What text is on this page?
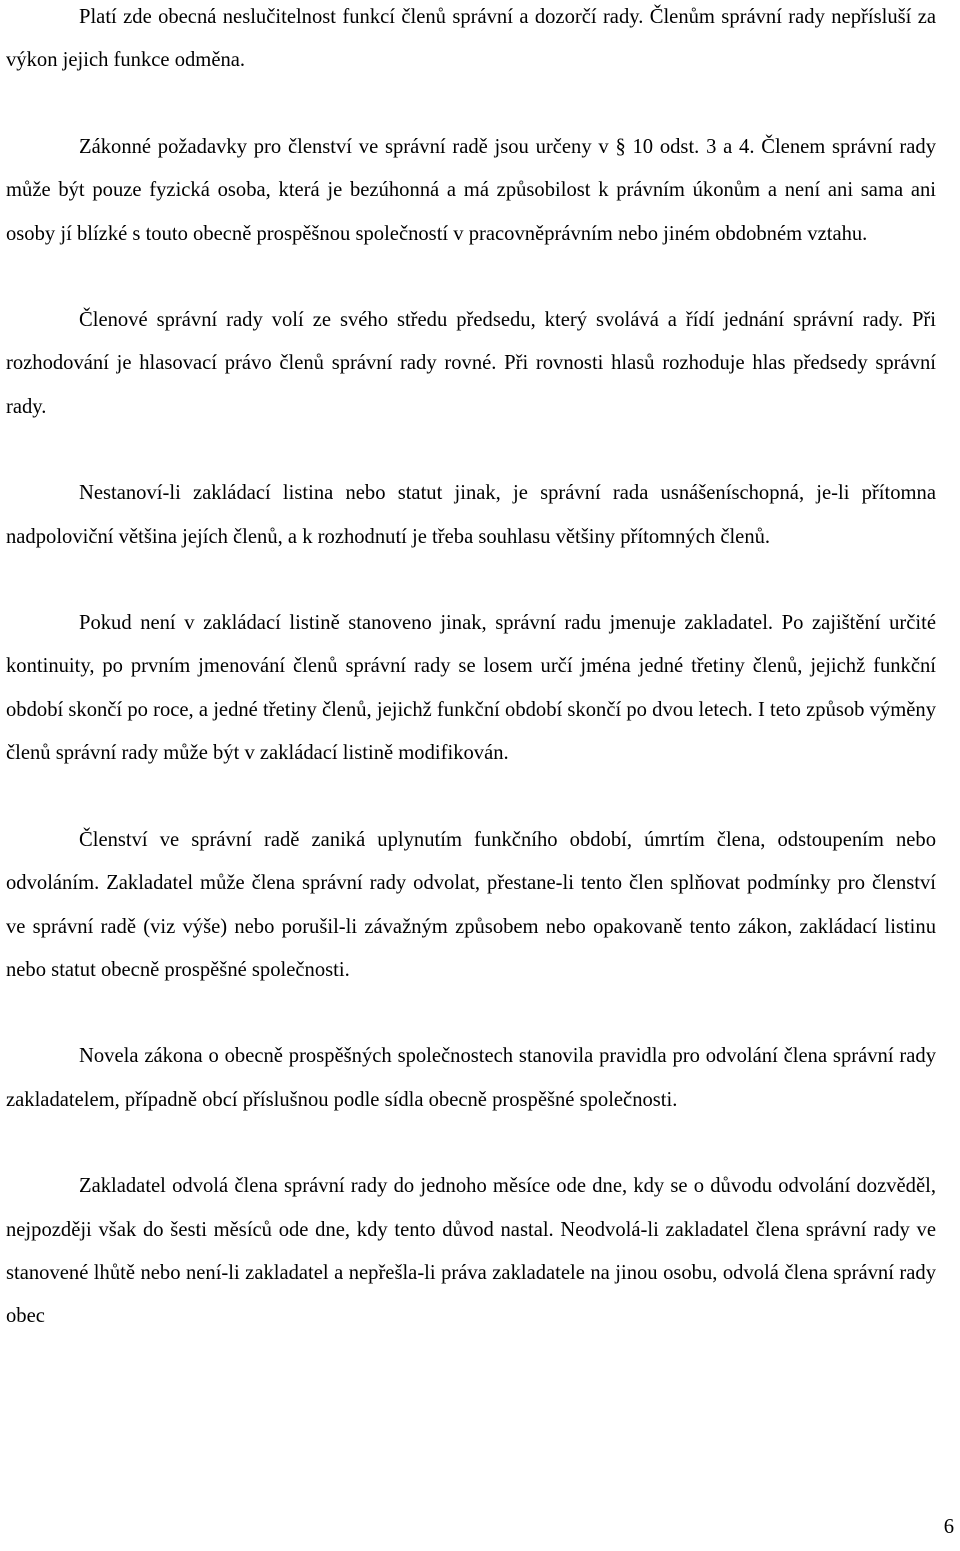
Platí zde obecná neslučitelnost funkcí členů správní a dozorčí rady. Členům správní rady nepřísluší za výkon jejich funkce odměna.

Zákonné požadavky pro členství ve správní radě jsou určeny v § 10 odst. 3 a 4. Členem správní rady může být pouze fyzická osoba, která je bezúhonná a má způsobilost k právním úkonům a není ani sama ani osoby jí blízké s touto obecně prospěšnou společností v pracovněprávním nebo jiném obdobném vztahu.

Členové správní rady volí ze svého středu předsedu, který svolává a řídí jednání správní rady. Při rozhodování je hlasovací právo členů správní rady rovné. Při rovnosti hlasů rozhoduje hlas předsedy správní rady.

Nestanoví-li zakládací listina nebo statut jinak, je správní rada usnášeníschopná, je-li přítomna nadpoloviční většina jejích členů, a k rozhodnutí je třeba souhlasu většiny přítomných členů.

Pokud není v zakládací listině stanoveno jinak, správní radu jmenuje zakladatel. Po zajištění určité kontinuity, po prvním jmenování členů správní rady se losem určí jména jedné třetiny členů, jejichž funkční období skončí po roce, a jedné třetiny členů, jejichž funkční období skončí po dvou letech. I teto způsob výměny členů správní rady může být v zakládací listině modifikován.

Členství ve správní radě zaniká uplynutím funkčního období, úmrtím člena, odstoupením nebo odvoláním. Zakladatel může člena správní rady odvolat, přestane-li tento člen splňovat podmínky pro členství ve správní radě (viz výše) nebo porušil-li závažným způsobem nebo opakovaně tento zákon, zakládací listinu nebo statut obecně prospěšné společnosti.

Novela zákona o obecně prospěšných společnostech stanovila pravidla pro odvolání člena správní rady zakladatelem, případně obcí příslušnou podle sídla obecně prospěšné společnosti.

Zakladatel odvolá člena správní rady do jednoho měsíce ode dne, kdy se o důvodu odvolání dozvěděl, nejpozději však do šesti měsíců ode dne, kdy tento důvod nastal. Neodvolá-li zakladatel člena správní rady ve stanovené lhůtě nebo není-li zakladatel a nepřešla-li práva zakladatele na jinou osobu, odvolá člena správní rady obec

6
